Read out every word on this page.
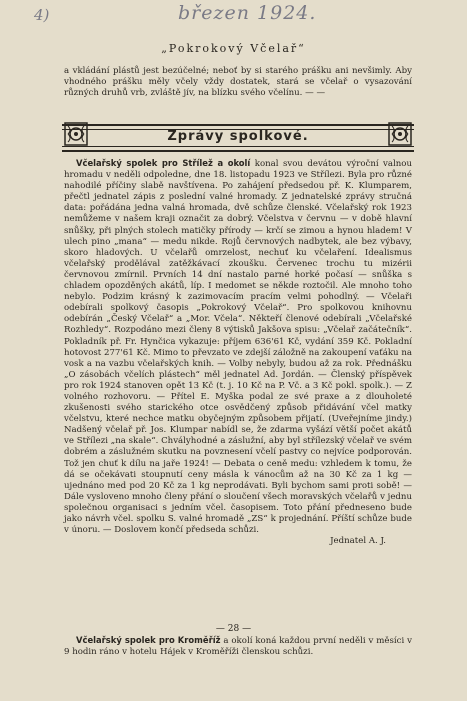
4)	březen 1924.
„Pokrokový Včelař“

a vkládání plástů jest bezúčelné; neboť by si starého prášku ani nevšimly. Aby vhodného prášku měly včely vždy dostatek, stará se včelař o vysazování různých druhů vrb, zvláště jív, na blízku svého včelínu. — —

Zprávy spolkové.

Včelařský spolek pro Střílež a okolí konal svou devátou výroční valnou hromadu v neděli odpoledne, dne 18. listopadu 1923 ve Střílezi. Byla pro různé nahodilé příčiny slabě navštívena. Po zahájení předsedou př. K. Klumparem, přečtl jednatel zápis z poslední valné hromady. Z jednatelské zprávy stručná data: pořádána jedna valná hromada, dvě schůze členské. Včelařský rok 1923 nemůžeme v našem kraji označit za dobrý. Včelstva v červnu — v době hlavní snůšky, při plných stolech matičky přírody — krčí se zimou a hynou hladem! V ulech pino „mana“ — medu nikde. Rojů červnových nadbytek, ale bez výbavy, skoro hladových. U včelařů omrzelost, nechuť ku včelaření. Idealismus včelařský prodělával zatěžkávací zkoušku. Červenec trochu tu mizérii červnovou zmírnil. Prvních 14 dní nastalo parné horké počasí — snůška s chladem opozděných akátů, líp. I medomet se někde roztočil. Ale mnoho toho nebylo. Podzim krásný k zazimovacím pracím velmi pohodlný. — Včelaři odebírali spolkový časopis „Pokrokový Včelař“. Pro spolkovou knihovnu odebírán „Český Včelař“ a „Mor. Včela“. Někteří členové odebírali „Včelařské Rozhledy“. Rozpodáno mezi členy 8 výtisků Jakšova spisu: „Včelař začátečník“. Pokladník př. Fr. Hynčica vykazuje: příjem 636'61 Kč, vydání 359 Kč. Pokladní hotovost 277'61 Kč. Mimo to převzato ve zdejší záložně na zakoupení vaťáku na vosk a na vazbu včelařských knih. — Volby nebyly, budou až za rok. Přednášku „O zásobách včelích plástech“ měl jednatel Ad. Jordán. — Členský příspěvek pro rok 1924 stanoven opět 13 Kč (t. j. 10 Kč na P. Vč. a 3 Kč pokl. spolk.). — Z volného rozhovoru. — Přítel E. Myška podal ze své praxe a z dlouholeté zkušenosti svého starického otce osvědčený způsob přidávání včel matky včelstvu, které nechce matku obyčejným způsobem přijatí. (Uveřejníme jindy.) Nadšený včelař př. Jos. Klumpar nabídl se, že zdarma vyšází větší počet akátů ve Střílezi „na skale“. Chvályhodné a záslužní, aby byl střílezský včelař ve svém dobrém a záslužném skutku na povznesení včelí pastvy co nejvíce podporován. Tož jen chuť k dílu na jaře 1924! — Debata o ceně medu: vzhledem k tomu, že dá se očekávati stoupnutí ceny másla k vánocům až na 30 Kč za 1 kg — ujednáno med pod 20 Kč za 1 kg neprodávati. Byli bychom sami proti sobě! — Dále vysloveno mnoho členy přání o sloučení všech moravských včelařů v jednu společnou organisaci s jedním včel. časopisem. Toto přání předneseno bude jako návrh včel. spolku S. valné hromadě „ZS“ k projednání. Příští schůze bude v únoru. — Doslovem končí předseda schůzi.

Jednatel A. J.

— 28 —

Včelařský spolek pro Kroměříž a okolí koná každou první neděli v měsíci v 9 hodin ráno v hotelu Hájek v Kroměříži členskou schůzi.
